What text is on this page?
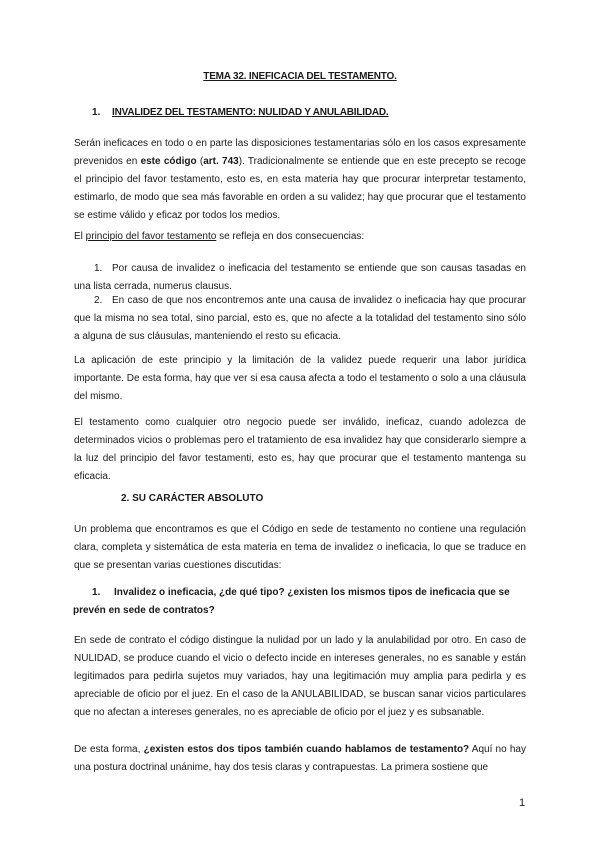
TEMA 32. INEFICACIA DEL TESTAMENTO.
1. INVALIDEZ DEL TESTAMENTO: NULIDAD Y ANULABILIDAD.
Serán ineficaces en todo o en parte las disposiciones testamentarias sólo en los casos expresamente prevenidos en este código (art. 743). Tradicionalmente se entiende que en este precepto se recoge el principio del favor testamento, esto es, en esta materia hay que procurar interpretar testamento, estimarlo, de modo que sea más favorable en orden a su validez; hay que procurar que el testamento se estime válido y eficaz por todos los medios.
El principio del favor testamento se refleja en dos consecuencias:
1. Por causa de invalidez o ineficacia del testamento se entiende que son causas tasadas en una lista cerrada, numerus clausus.
2. En caso de que nos encontremos ante una causa de invalidez o ineficacia hay que procurar que la misma no sea total, sino parcial, esto es, que no afecte a la totalidad del testamento sino sólo a alguna de sus cláusulas, manteniendo el resto su eficacia.
La aplicación de este principio y la limitación de la validez puede requerir una labor jurídica importante. De esta forma, hay que ver si esa causa afecta a todo el testamento o solo a una cláusula del mismo.
El testamento como cualquier otro negocio puede ser inválido, ineficaz, cuando adolezca de determinados vicios o problemas pero el tratamiento de esa invalidez hay que considerarlo siempre a la luz del principio del favor testamenti, esto es, hay que procurar que el testamento mantenga su eficacia.
2. SU CARÁCTER ABSOLUTO
Un problema que encontramos es que el Código en sede de testamento no contiene una regulación clara, completa y sistemática de esta materia en tema de invalidez o ineficacia, lo que se traduce en que se presentan varias cuestiones discutidas:
1. Invalidez o ineficacia, ¿de qué tipo? ¿existen los mismos tipos de ineficacia que se
prevén en sede de contratos?
En sede de contrato el código distingue la nulidad por un lado y la anulabilidad por otro. En caso de NULIDAD, se produce cuando el vicio o defecto incide en intereses generales, no es sanable y están legitimados para pedirla sujetos muy variados, hay una legitimación muy amplia para pedirla y es apreciable de oficio por el juez. En el caso de la ANULABILIDAD, se buscan sanar vicios particulares que no afectan a intereses generales, no es apreciable de oficio por el juez y es subsanable.
De esta forma, ¿existen estos dos tipos también cuando hablamos de testamento? Aquí no hay una postura doctrinal unánime, hay dos tesis claras y contrapuestas. La primera sostiene que
1
